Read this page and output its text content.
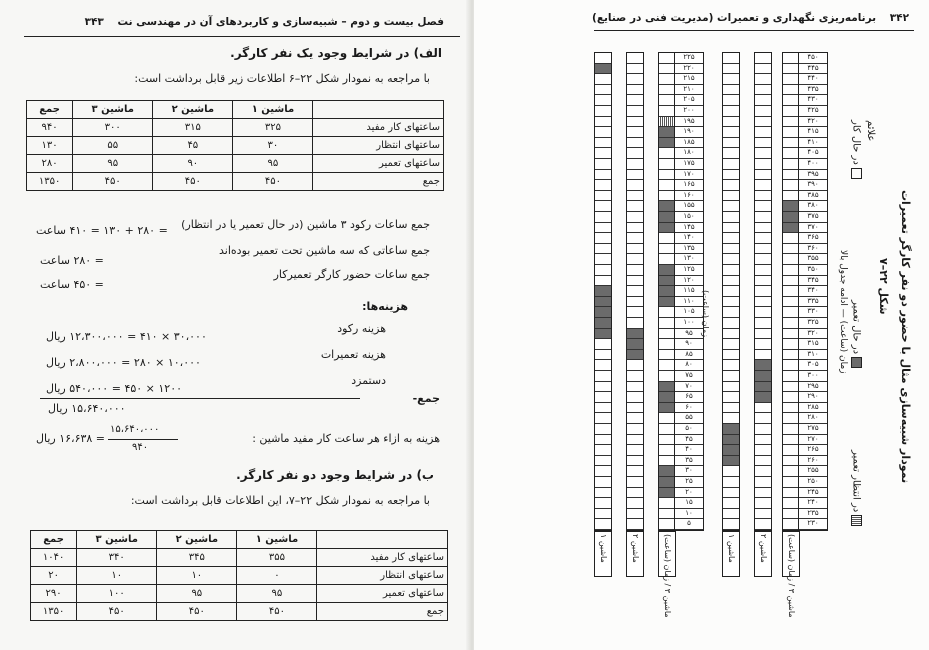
فصل بیست و دوم – شبیه‌سازی و کاربردهای آن در مهندسی نت ۳۴۳
الف) در شرایط وجود یک نفر کارگر.
با مراجعه به نمودار شکل ۲۲–۶ اطلاعات زیر قابل برداشت است:
	ماشین ۱	ماشین ۲	ماشین ۳	جمع
ساعتهای کار مفید	۳۲۵	۳۱۵	۳۰۰	۹۴۰
ساعتهای انتظار	۳۰	۴۵	۵۵	۱۳۰
ساعتهای تعمیر	۹۵	۹۰	۹۵	۲۸۰
جمع	۴۵۰	۴۵۰	۴۵۰	۱۳۵۰
جمع ساعات رکود ۳ ماشین (در حال تعمیر یا در انتظار)
= ۲۸۰ + ۱۳۰ = ۴۱۰ ساعت
جمع ساعاتی که سه ماشین تحت تعمیر بوده‌اند
= ۲۸۰ ساعت
جمع ساعات حضور کارگر تعمیرکار
= ۴۵۰ ساعت
هزینه‌ها:
هزینه رکود
۳۰،۰۰۰ × ۴۱۰ = ۱۲،۳۰۰،۰۰۰ ریال
هزینه تعمیرات
۱۰،۰۰۰ × ۲۸۰ = ۲،۸۰۰،۰۰۰ ریال
دستمزد
۱۲۰۰ × ۴۵۰ = ۵۴۰،۰۰۰ ریال
جمع-
۱۵،۶۴۰،۰۰۰ ریال
هزینه به ازاء هر ساعت کار مفید ماشین :
۱۵،۶۴۰،۰۰۰
۹۴۰
= ۱۶،۶۳۸ ریال
ب) در شرایط وجود دو نفر کارگر.
با مراجعه به نمودار شکل ۲۲–۷، این اطلاعات قابل برداشت است:
	ماشین ۱	ماشین ۲	ماشین ۳	جمع
ساعتهای کار مفید	۳۵۵	۳۴۵	۳۴۰	۱۰۴۰
ساعتهای انتظار	۰	۱۰	۱۰	۲۰
ساعتهای تعمیر	۹۵	۹۵	۱۰۰	۲۹۰
جمع	۴۵۰	۴۵۰	۴۵۰	۱۳۵۰
۳۴۲ برنامه‌ریزی نگهداری و تعمیرات (مدیریت فنی در صنایع)
۲۲۵
۲۲۰
۲۱۵
۲۱۰
۲۰۵
۲۰۰
۱۹۵
۱۹۰
۱۸۵
۱۸۰
۱۷۵
۱۷۰
۱۶۵
۱۶۰
۱۵۵
۱۵۰
۱۴۵
۱۴۰
۱۳۵
۱۳۰
۱۲۵
۱۲۰
۱۱۵
۱۱۰
۱۰۵
۱۰۰
۹۵
۹۰
۸۵
۸۰
۷۵
۷۰
۶۵
۶۰
۵۵
۵۰
۴۵
۴۰
۳۵
۳۰
۲۵
۲۰
۱۵
۱۰
۵
ماشین ۱
ماشین ۲	ماشین ۳ / زمان (ساعت)
زمان (ساعت)
۴۵۰
۴۴۵
۴۴۰
۴۳۵
۴۳۰
۴۲۵
۴۲۰
۴۱۵
۴۱۰
۴۰۵
۴۰۰
۳۹۵
۳۹۰
۳۸۵
۳۸۰
۳۷۵
۳۷۰
۳۶۵
۳۶۰
۳۵۵
۳۵۰
۳۴۵
۳۴۰
۳۳۵
۳۳۰
۳۲۵
۳۲۰
۳۱۵
۳۱۰
۳۰۵
۳۰۰
۲۹۵
۲۹۰
۲۸۵
۲۸۰
۲۷۵
۲۷۰
۲۶۵
۲۶۰
۲۵۵
۲۵۰
۲۴۵
۲۴۰
۲۳۵
۲۳۰
ماشین ۱
ماشین ۲ ماشین ۳ / زمان (ساعت)
در حال کار
در حال تعمیر
در انتظار تعمیر
علائم
زمان (ساعت) — ادامه جدول بالا	شکل ۲۲–۷ نمودار شبیه‌سازی مثال با حضور دو نفر کارگر تعمیرات
